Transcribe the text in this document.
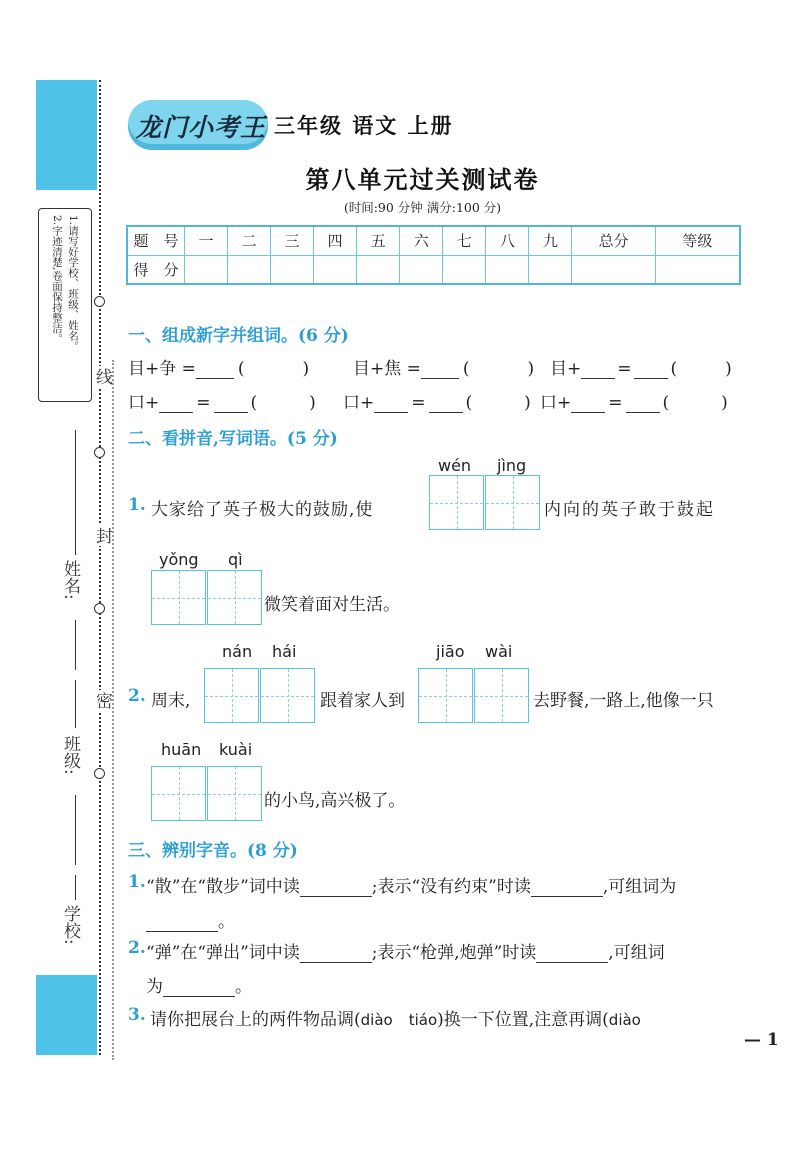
线
封
密
1.请写好学校、班级、姓名。
2.字迹清楚,卷面保持整洁。
姓名:
班级:
学校:
龙门小考王 三年级 语文 上册
第八单元过关测试卷
(时间:90 分钟 满分:100 分)
题　号	一	二	三	四	五	六	七	八	九	总分	等级
得　分											
一、组成新字并组词。(6 分)
目+争 = (	)	目+焦 = (	) 目+ = (	)
口+ = (	) 口+ = (	) 口+ = (	)
二、看拼音,写词语。(5 分)
wén jìng
1. 大家给了英子极大的鼓励,使	内向的英子敢于鼓起
yǒng qì
微笑着面对生活。
nán hái	jiāo wài
2. 周末,	跟着家人到	去野餐,一路上,他像一只
huān kuài
的小鸟,高兴极了。
三、辨别字音。(8 分)
1. “散”在“散步”词中读	;表示“没有约束”时读	,可组词为
。
2. “弹”在“弹出”词中读	;表示“枪弹,炮弹”时读	,可组词
为	。
3. 请你把展台上的两件物品调(diào tiáo)换一下位置,注意再调(diào
— 1
